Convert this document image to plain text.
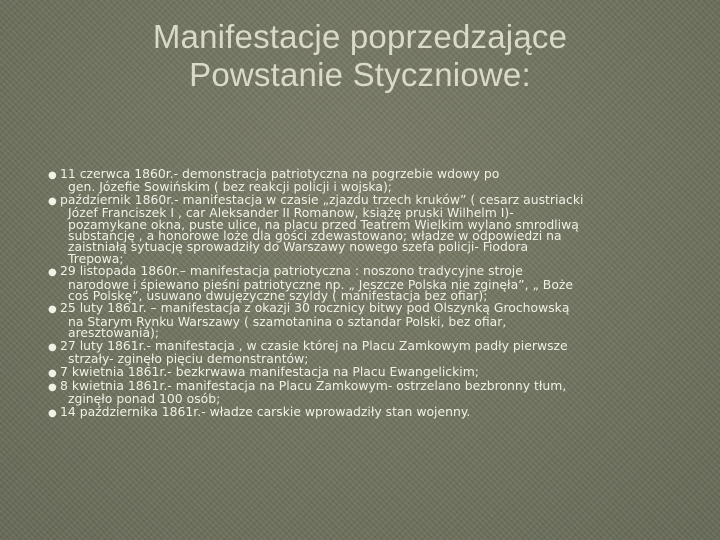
Manifestacje poprzedzające
Powstanie Styczniowe:
● 11 czerwca 1860r.- demonstracja patriotyczna na pogrzebie wdowy po
gen. Józefie Sowińskim ( bez reakcji policji i wojska);
● październik 1860r.- manifestacja w czasie „zjazdu trzech kruków” ( cesarz austriacki
Józef Franciszek I , car Aleksander II Romanow, książę pruski Wilhelm I)-
pozamykane okna, puste ulice, na placu przed Teatrem Wielkim wylano smrodliwą
substancję , a honorowe loże dla gości zdewastowano; władze w odpowiedzi na
zaistniałą sytuację sprowadziły do Warszawy nowego szefa policji- Fiodora
Trepowa;
● 29 listopada 1860r.– manifestacja patriotyczna : noszono tradycyjne stroje
narodowe i śpiewano pieśni patriotyczne np. „ Jeszcze Polska nie zginęła”, „ Boże
coś Polskę”, usuwano dwujęzyczne szyldy ( manifestacja bez ofiar);
● 25 luty 1861r. – manifestacja z okazji 30 rocznicy bitwy pod Olszynką Grochowską
na Starym Rynku Warszawy ( szamotanina o sztandar Polski, bez ofiar,
aresztowania);
● 27 luty 1861r.- manifestacja , w czasie której na Placu Zamkowym padły pierwsze
strzały- zginęło pięciu demonstrantów;
● 7 kwietnia 1861r.- bezkrwawa manifestacja na Placu Ewangelickim;
● 8 kwietnia 1861r.- manifestacja na Placu Zamkowym- ostrzelano bezbronny tłum,
zginęło ponad 100 osób;
● 14 października 1861r.- władze carskie wprowadziły stan wojenny.
